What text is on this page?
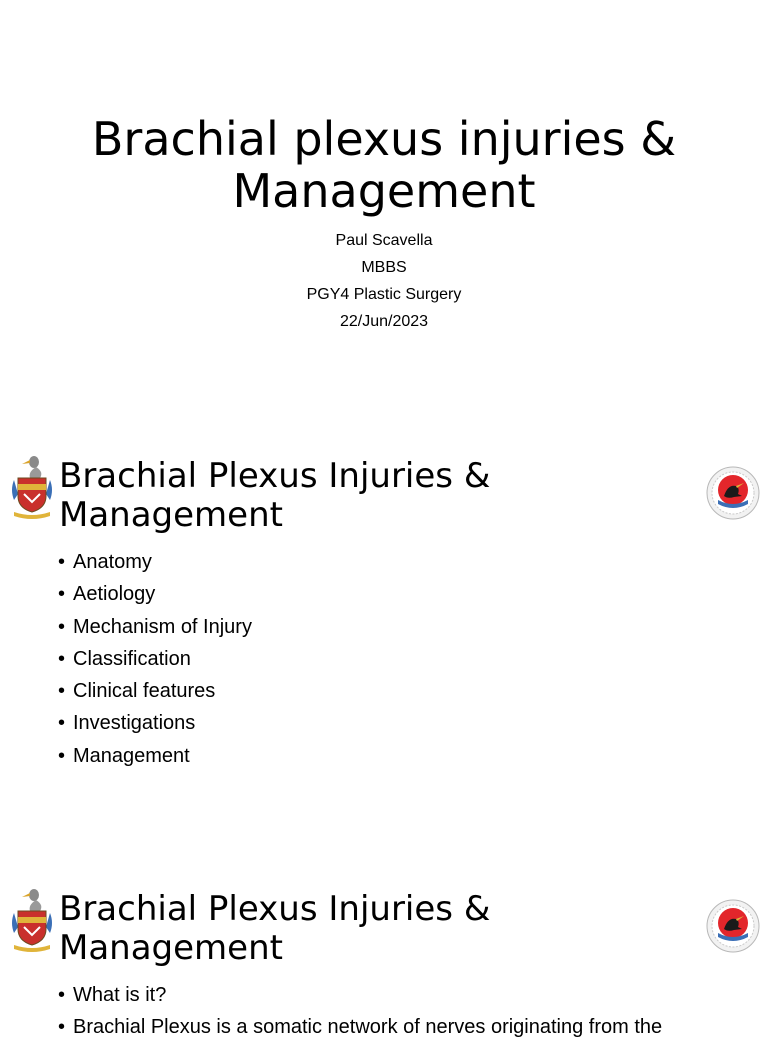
Brachial plexus injuries & Management
Paul Scavella
MBBS
PGY4 Plastic Surgery
22/Jun/2023
Brachial Plexus Injuries & Management
• Anatomy
• Aetiology
• Mechanism of Injury
• Classification
• Clinical features
• Investigations
• Management
Brachial Plexus Injuries & Management
• What is it?
• Brachial Plexus is a somatic network of nerves originating from the
